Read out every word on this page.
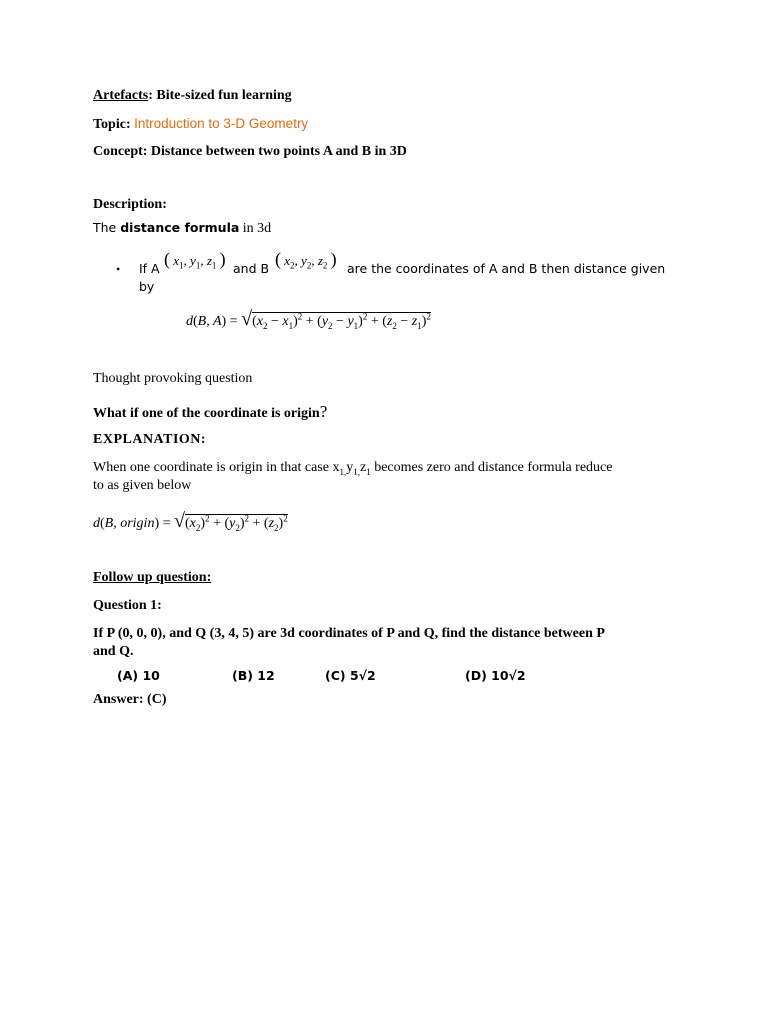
Artefacts: Bite-sized fun learning
Topic: Introduction to 3-D Geometry
Concept: Distance between two points A and B in 3D
Description:
The distance formula in 3d
• If A ( $x_1$, $y_1$, $z_1$ ) and B ( $x_2$, $y_2$, $z_2$ ) are the coordinates of A and B then distance given
by
d(B, $A) = √(x_2 - x_1)^2 + (y_2 - y_1)^2 + (z_2 - z_1)^2$
Thought provoking question
What if one of the coordinate is origin?
EXPLANATION:
When one coordinate is origin in that case $x_{1,}y_{1,}z_1$ becomes zero and distance formula reduce
to as given below
d(B, origin) = $√(x_2)^2 + (y_2)^2 + (z_2)^2$
Follow up question:
Question 1:
If P (0, 0, 0), and Q (3, 4, 5) are 3d coordinates of P and Q, find the distance between P
and Q.
(A) 10	(B) 12	(C) 5√2	(D) 10√2
Answer: (C)
